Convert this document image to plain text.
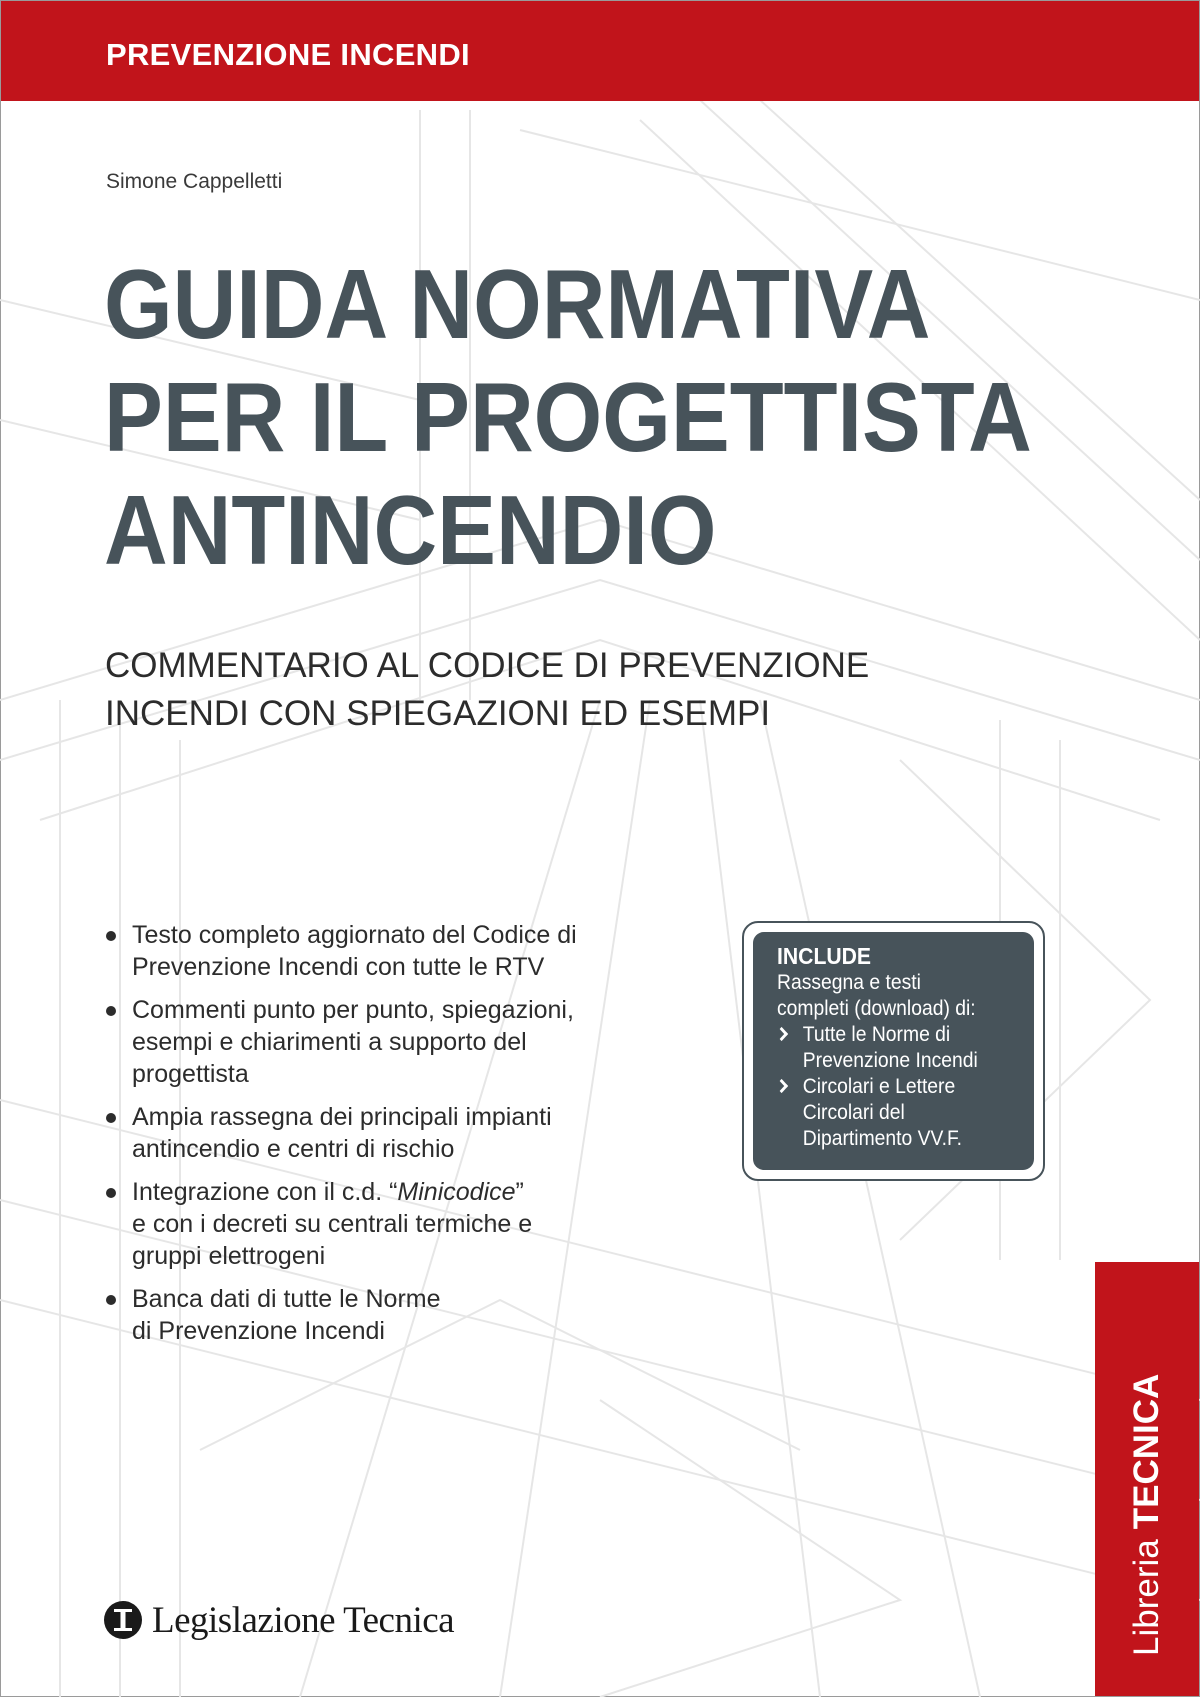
PREVENZIONE INCENDI
Simone Cappelletti
GUIDA NORMATIVA
PER IL PROGETTISTA
ANTINCENDIO
COMMENTARIO AL CODICE DI PREVENZIONE
INCENDI CON SPIEGAZIONI ED ESEMPI
Testo completo aggiornato del Codice di
Prevenzione Incendi con tutte le RTV
Commenti punto per punto, spiegazioni,
esempi e chiarimenti a supporto del
progettista
Ampia rassegna dei principali impianti
antincendio e centri di rischio
Integrazione con il c.d. “Minicodice”
e con i decreti su centrali termiche e
gruppi elettrogeni
Banca dati di tutte le Norme
di Prevenzione Incendi
INCLUDE
Rassegna e testi
completi (download) di:
Tutte le Norme di
Prevenzione Incendi
Circolari e Lettere
Circolari del
Dipartimento VV.F.
Libreria
TECNICA
Legislazione Tecnica
